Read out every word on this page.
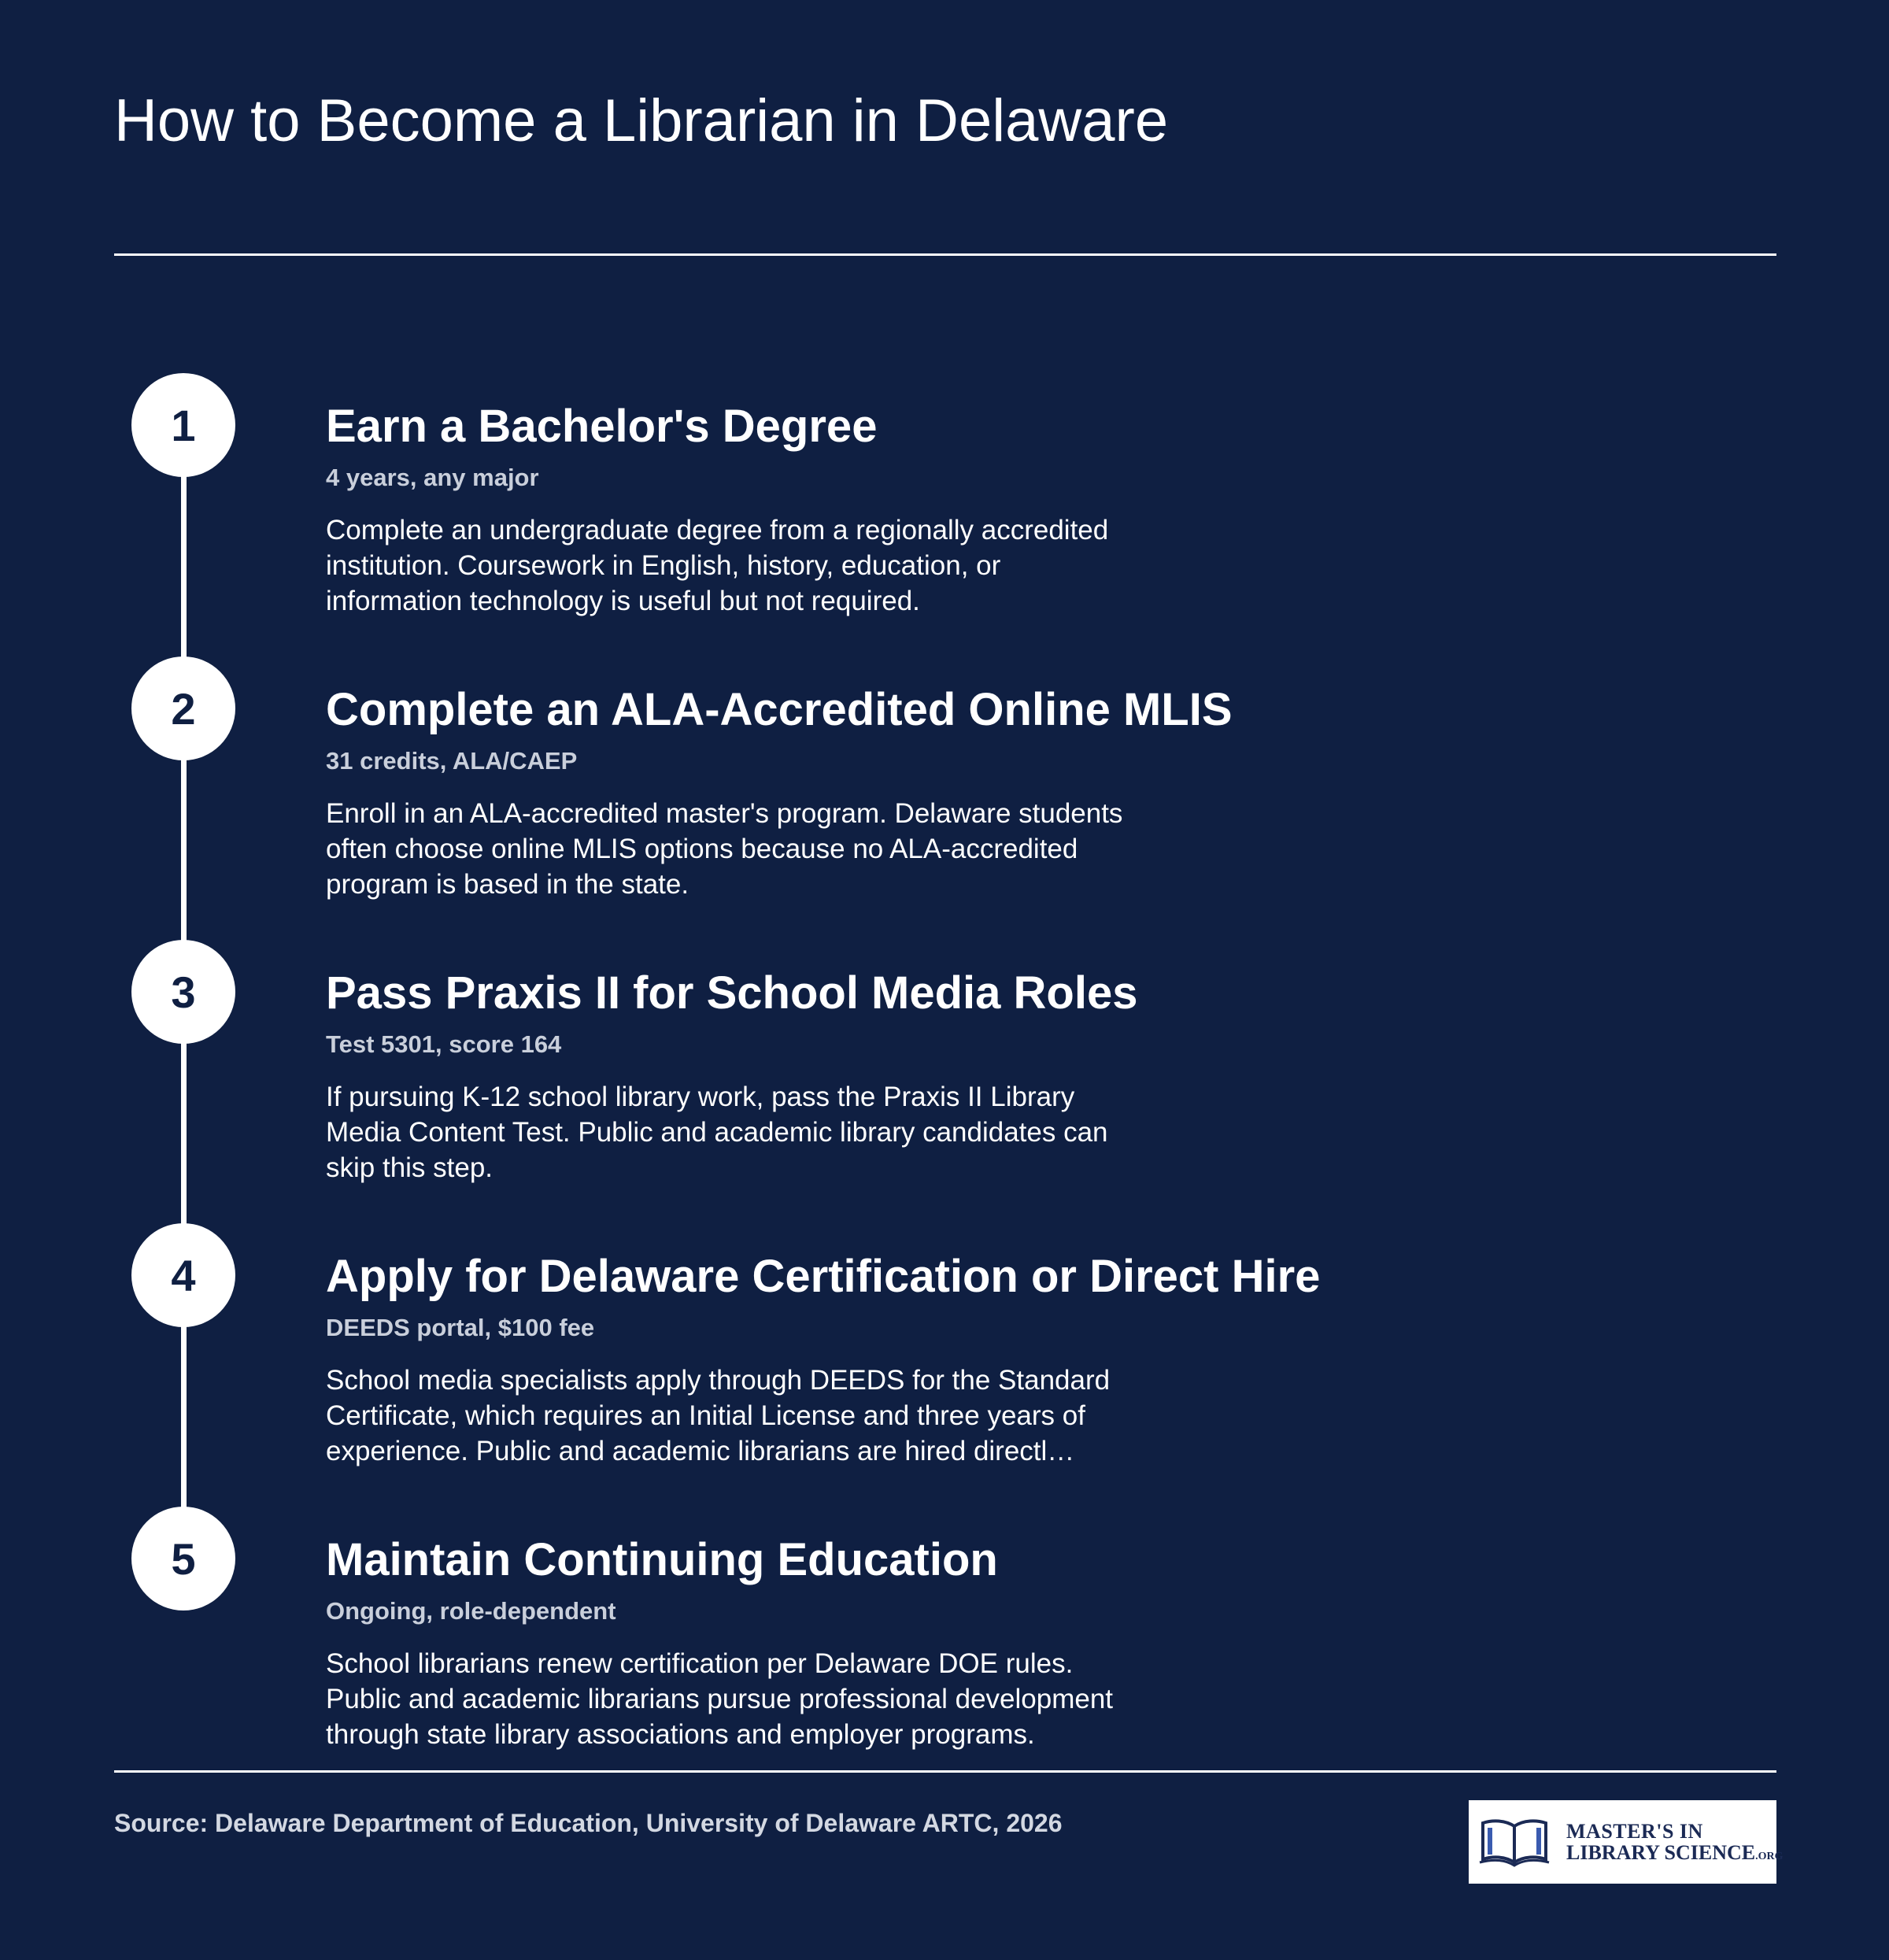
How to Become a Librarian in Delaware
1	Earn a Bachelor's Degree
4 years, any major
Complete an undergraduate degree from a regionally accredited institution. Coursework in English, history, education, or information technology is useful but not required.
2	Complete an ALA-Accredited Online MLIS
31 credits, ALA/CAEP
Enroll in an ALA-accredited master's program. Delaware students often choose online MLIS options because no ALA-accredited program is based in the state.
3	Pass Praxis II for School Media Roles
Test 5301, score 164
If pursuing K-12 school library work, pass the Praxis II Library Media Content Test. Public and academic library candidates can skip this step.
4	Apply for Delaware Certification or Direct Hire
DEEDS portal, $100 fee
School media specialists apply through DEEDS for the Standard Certificate, which requires an Initial License and three years of experience. Public and academic librarians are hired directl…
5	Maintain Continuing Education
Ongoing, role-dependent
School librarians renew certification per Delaware DOE rules. Public and academic librarians pursue professional development through state library associations and employer programs.
Source: Delaware Department of Education, University of Delaware ARTC, 2026	MASTER'S IN
LIBRARY SCIENCE.ORG
